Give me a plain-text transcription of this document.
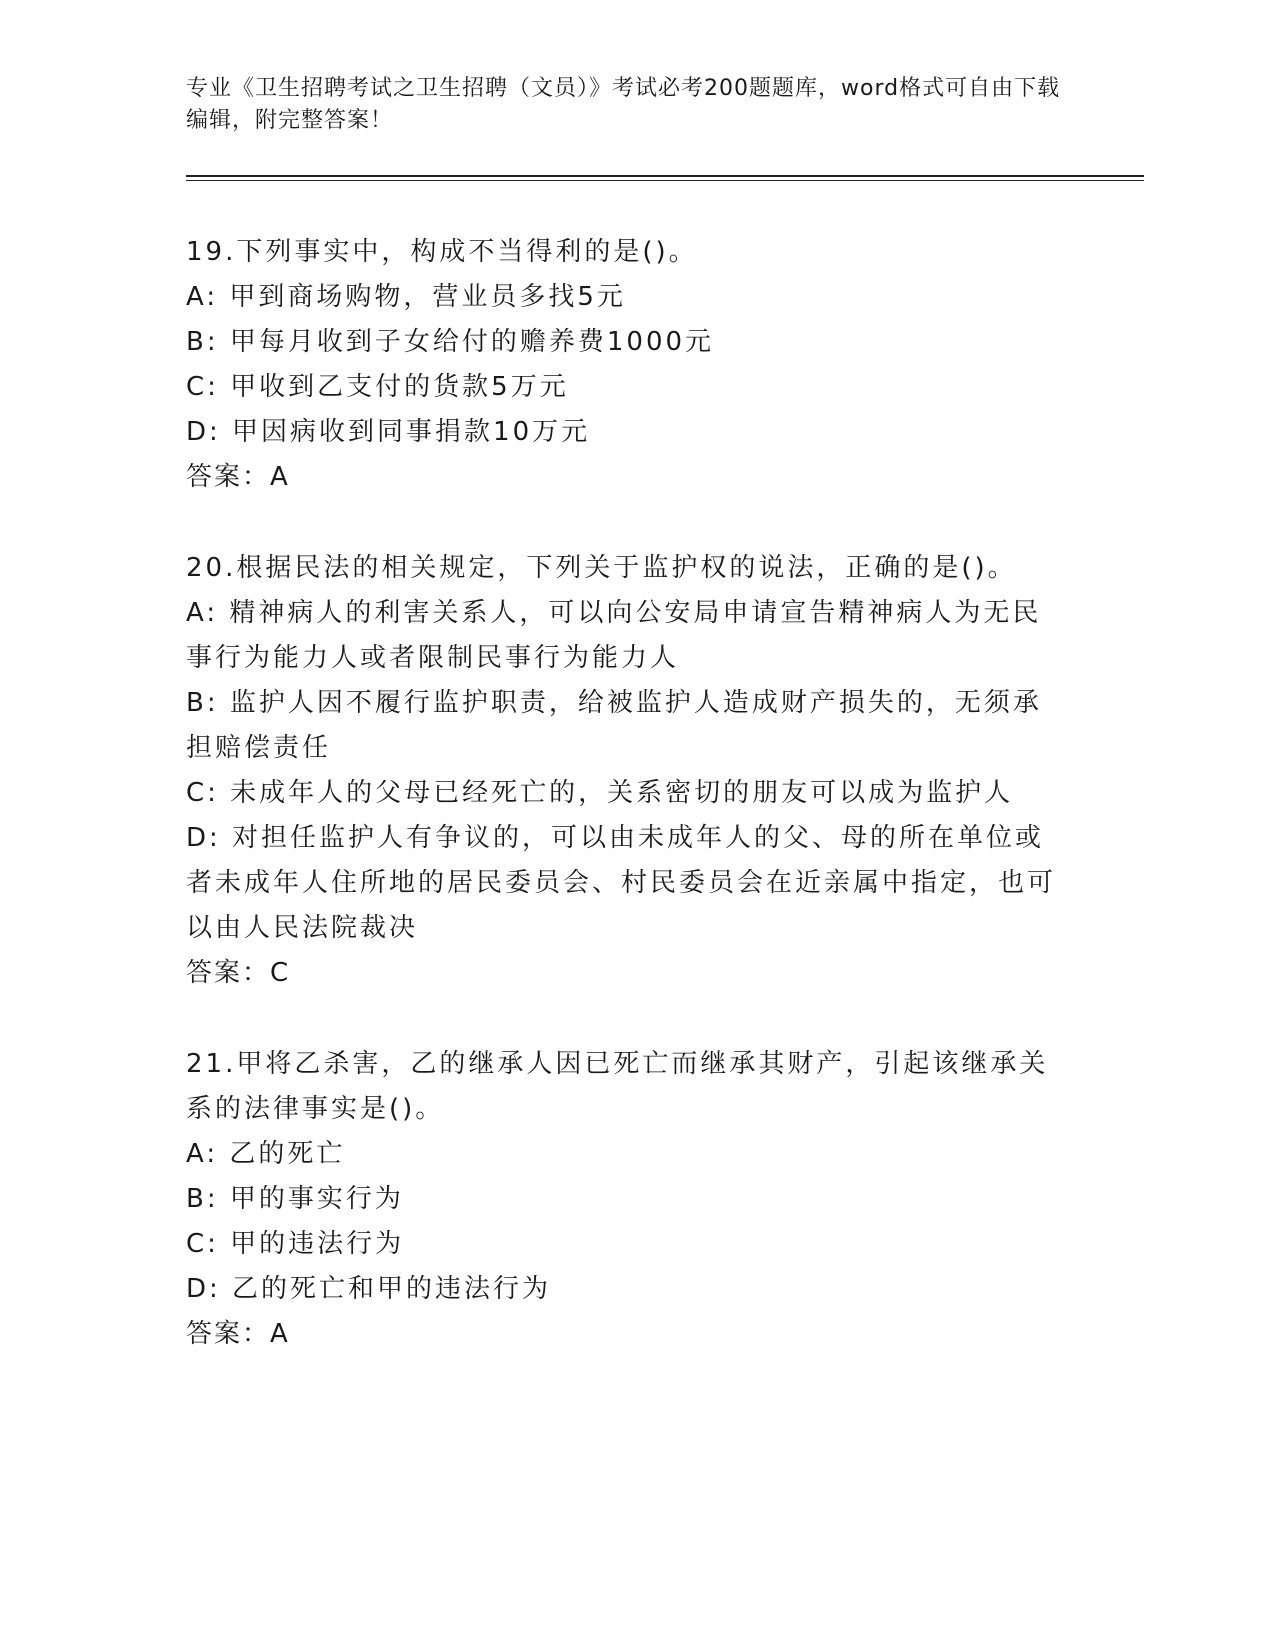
专业《卫生招聘考试之卫生招聘（文员）》考试必考200题题库，word格式可自由下载编辑，附完整答案！

19.下列事实中，构成不当得利的是()。

A: 甲到商场购物，营业员多找5元

B: 甲每月收到子女给付的赡养费1000元

C: 甲收到乙支付的货款5万元

D: 甲因病收到同事捐款10万元

答案：A

20.根据民法的相关规定，下列关于监护权的说法，正确的是()。

A: 精神病人的利害关系人，可以向公安局申请宣告精神病人为无民事行为能力人或者限制民事行为能力人

B: 监护人因不履行监护职责，给被监护人造成财产损失的，无须承担赔偿责任

C: 未成年人的父母已经死亡的，关系密切的朋友可以成为监护人

D: 对担任监护人有争议的，可以由未成年人的父、母的所在单位或者未成年人住所地的居民委员会、村民委员会在近亲属中指定，也可以由人民法院裁决

答案：C

21.甲将乙杀害，乙的继承人因已死亡而继承其财产，引起该继承关系的法律事实是()。

A: 乙的死亡

B: 甲的事实行为

C: 甲的违法行为

D: 乙的死亡和甲的违法行为

答案：A
